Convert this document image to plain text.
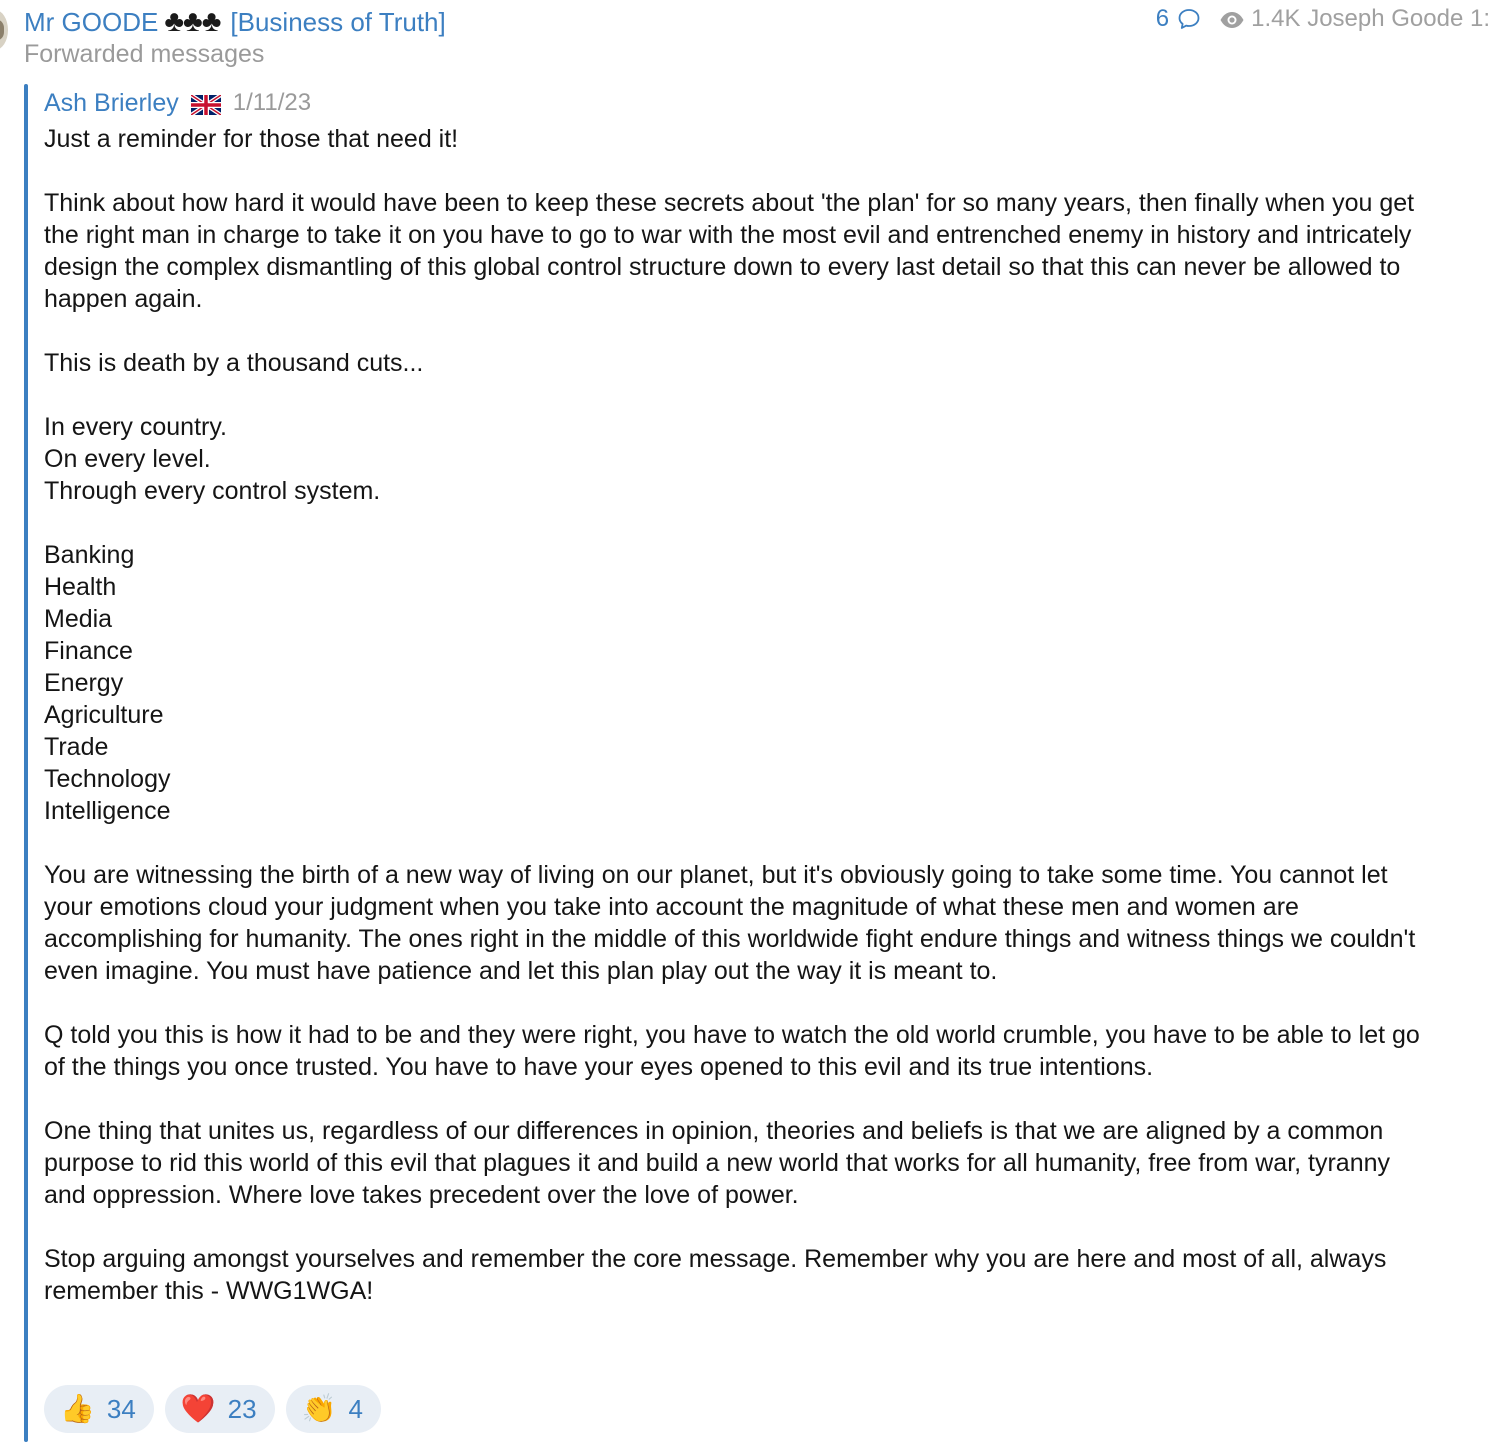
Mr GOODE ♣♣♣ [Business of Truth]
Forwarded messages
6	1.4K Joseph Goode 1:
Ash Brierley 1/11/23

Just a reminder for those that need it!

Think about how hard it would have been to keep these secrets about 'the plan' for so many years, then finally when you get the right man in charge to take it on you have to go to war with the most evil and entrenched enemy in history and intricately design the complex dismantling of this global control structure down to every last detail so that this can never be allowed to happen again.

This is death by a thousand cuts...

In every country.

On every level.

Through every control system.

Banking

Health

Media

Finance

Energy

Agriculture

Trade

Technology

Intelligence

You are witnessing the birth of a new way of living on our planet, but it's obviously going to take some time. You cannot let your emotions cloud your judgment when you take into account the magnitude of what these men and women are accomplishing for humanity. The ones right in the middle of this worldwide fight endure things and witness things we couldn't even imagine. You must have patience and let this plan play out the way it is meant to.

Q told you this is how it had to be and they were right, you have to watch the old world crumble, you have to be able to let go of the things you once trusted. You have to have your eyes opened to this evil and its true intentions.

One thing that unites us, regardless of our differences in opinion, theories and beliefs is that we are aligned by a common purpose to rid this world of this evil that plagues it and build a new world that works for all humanity, free from war, tyranny and oppression. Where love takes precedent over the love of power.

Stop arguing amongst yourselves and remember the core message. Remember why you are here and most of all, always remember this - WWG1WGA!

👍 34 ❤️ 23 👏 4
